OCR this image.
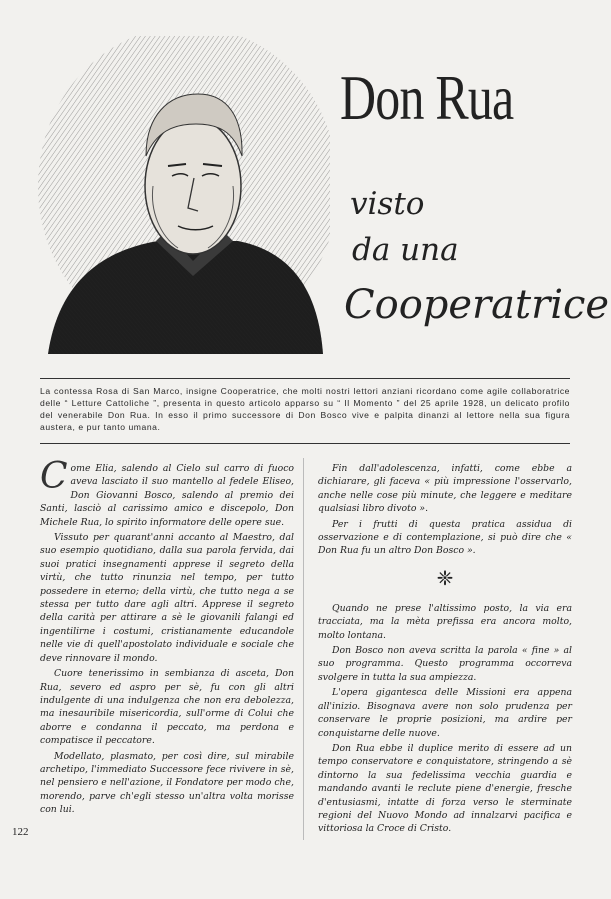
Don Rua
visto
da una
Cooperatrice
La contessa Rosa di San Marco, insigne Cooperatrice, che molti nostri lettori anziani ricordano come agile collaboratrice delle “ Letture Cattoliche ”, presenta in questo articolo apparso su “ Il Momento ” del 25 aprile 1928, un delicato profilo del venerabile Don Rua. In esso il primo successore di Don Bosco vive e palpita dinanzi al lettore nella sua figura austera, e pur tanto umana.

Come Elia, salendo al Cielo sul carro di fuoco aveva lasciato il suo mantello al fedele Eliseo, Don Giovanni Bosco, salendo al premio dei Santi, lasciò al carissimo amico e discepolo, Don Michele Rua, lo spirito informatore delle opere sue.

Vissuto per quarant'anni accanto al Maestro, dal suo esempio quotidiano, dalla sua parola fervida, dai suoi pratici insegnamenti apprese il segreto della virtù, che tutto rinunzia nel tempo, per tutto possedere in eterno; della virtù, che tutto nega a se stessa per tutto dare agli altri. Apprese il segreto della carità per attirare a sè le giovanili falangi ed ingentilirne i costumi, cristianamente educandole nelle vie di quell'apostolato individuale e sociale che deve rinnovare il mondo.

Cuore tenerissimo in sembianza di asceta, Don Rua, severo ed aspro per sè, fu con gli altri indulgente di una indulgenza che non era debolezza, ma inesauribile misericordia, sull'orme di Colui che aborre e condanna il peccato, ma perdona e compatisce il peccatore.

Modellato, plasmato, per così dire, sul mirabile archetipo, l'immediato Successore fece rivivere in sè, nel pensiero e nell'azione, il Fondatore per modo che, morendo, parve ch'egli stesso un'altra volta morisse con lui.

Fin dall'adolescenza, infatti, come ebbe a dichiarare, gli faceva « più impressione l'osservarlo, anche nelle cose più minute, che leggere e meditare qualsiasi libro divoto ».

Per i frutti di questa pratica assidua di osservazione e di contemplazione, si può dire che « Don Rua fu un altro Don Bosco ».

❈

Quando ne prese l'altissimo posto, la via era tracciata, ma la mèta prefissa era ancora molto, molto lontana.

Don Bosco non aveva scritta la parola « fine » al suo programma. Questo programma occorreva svolgere in tutta la sua ampiezza.

L'opera gigantesca delle Missioni era appena all'inizio. Bisognava avere non solo prudenza per conservare le proprie posizioni, ma ardire per conquistarne delle nuove.

Don Rua ebbe il duplice merito di essere ad un tempo conservatore e conquistatore, stringendo a sè dintorno la sua fedelissima vecchia guardia e mandando avanti le reclute piene d'energie, fresche d'entusiasmi, intatte di forza verso le sterminate regioni del Nuovo Mondo ad innalzarvi pacifica e vittoriosa la Croce di Cristo.

122
